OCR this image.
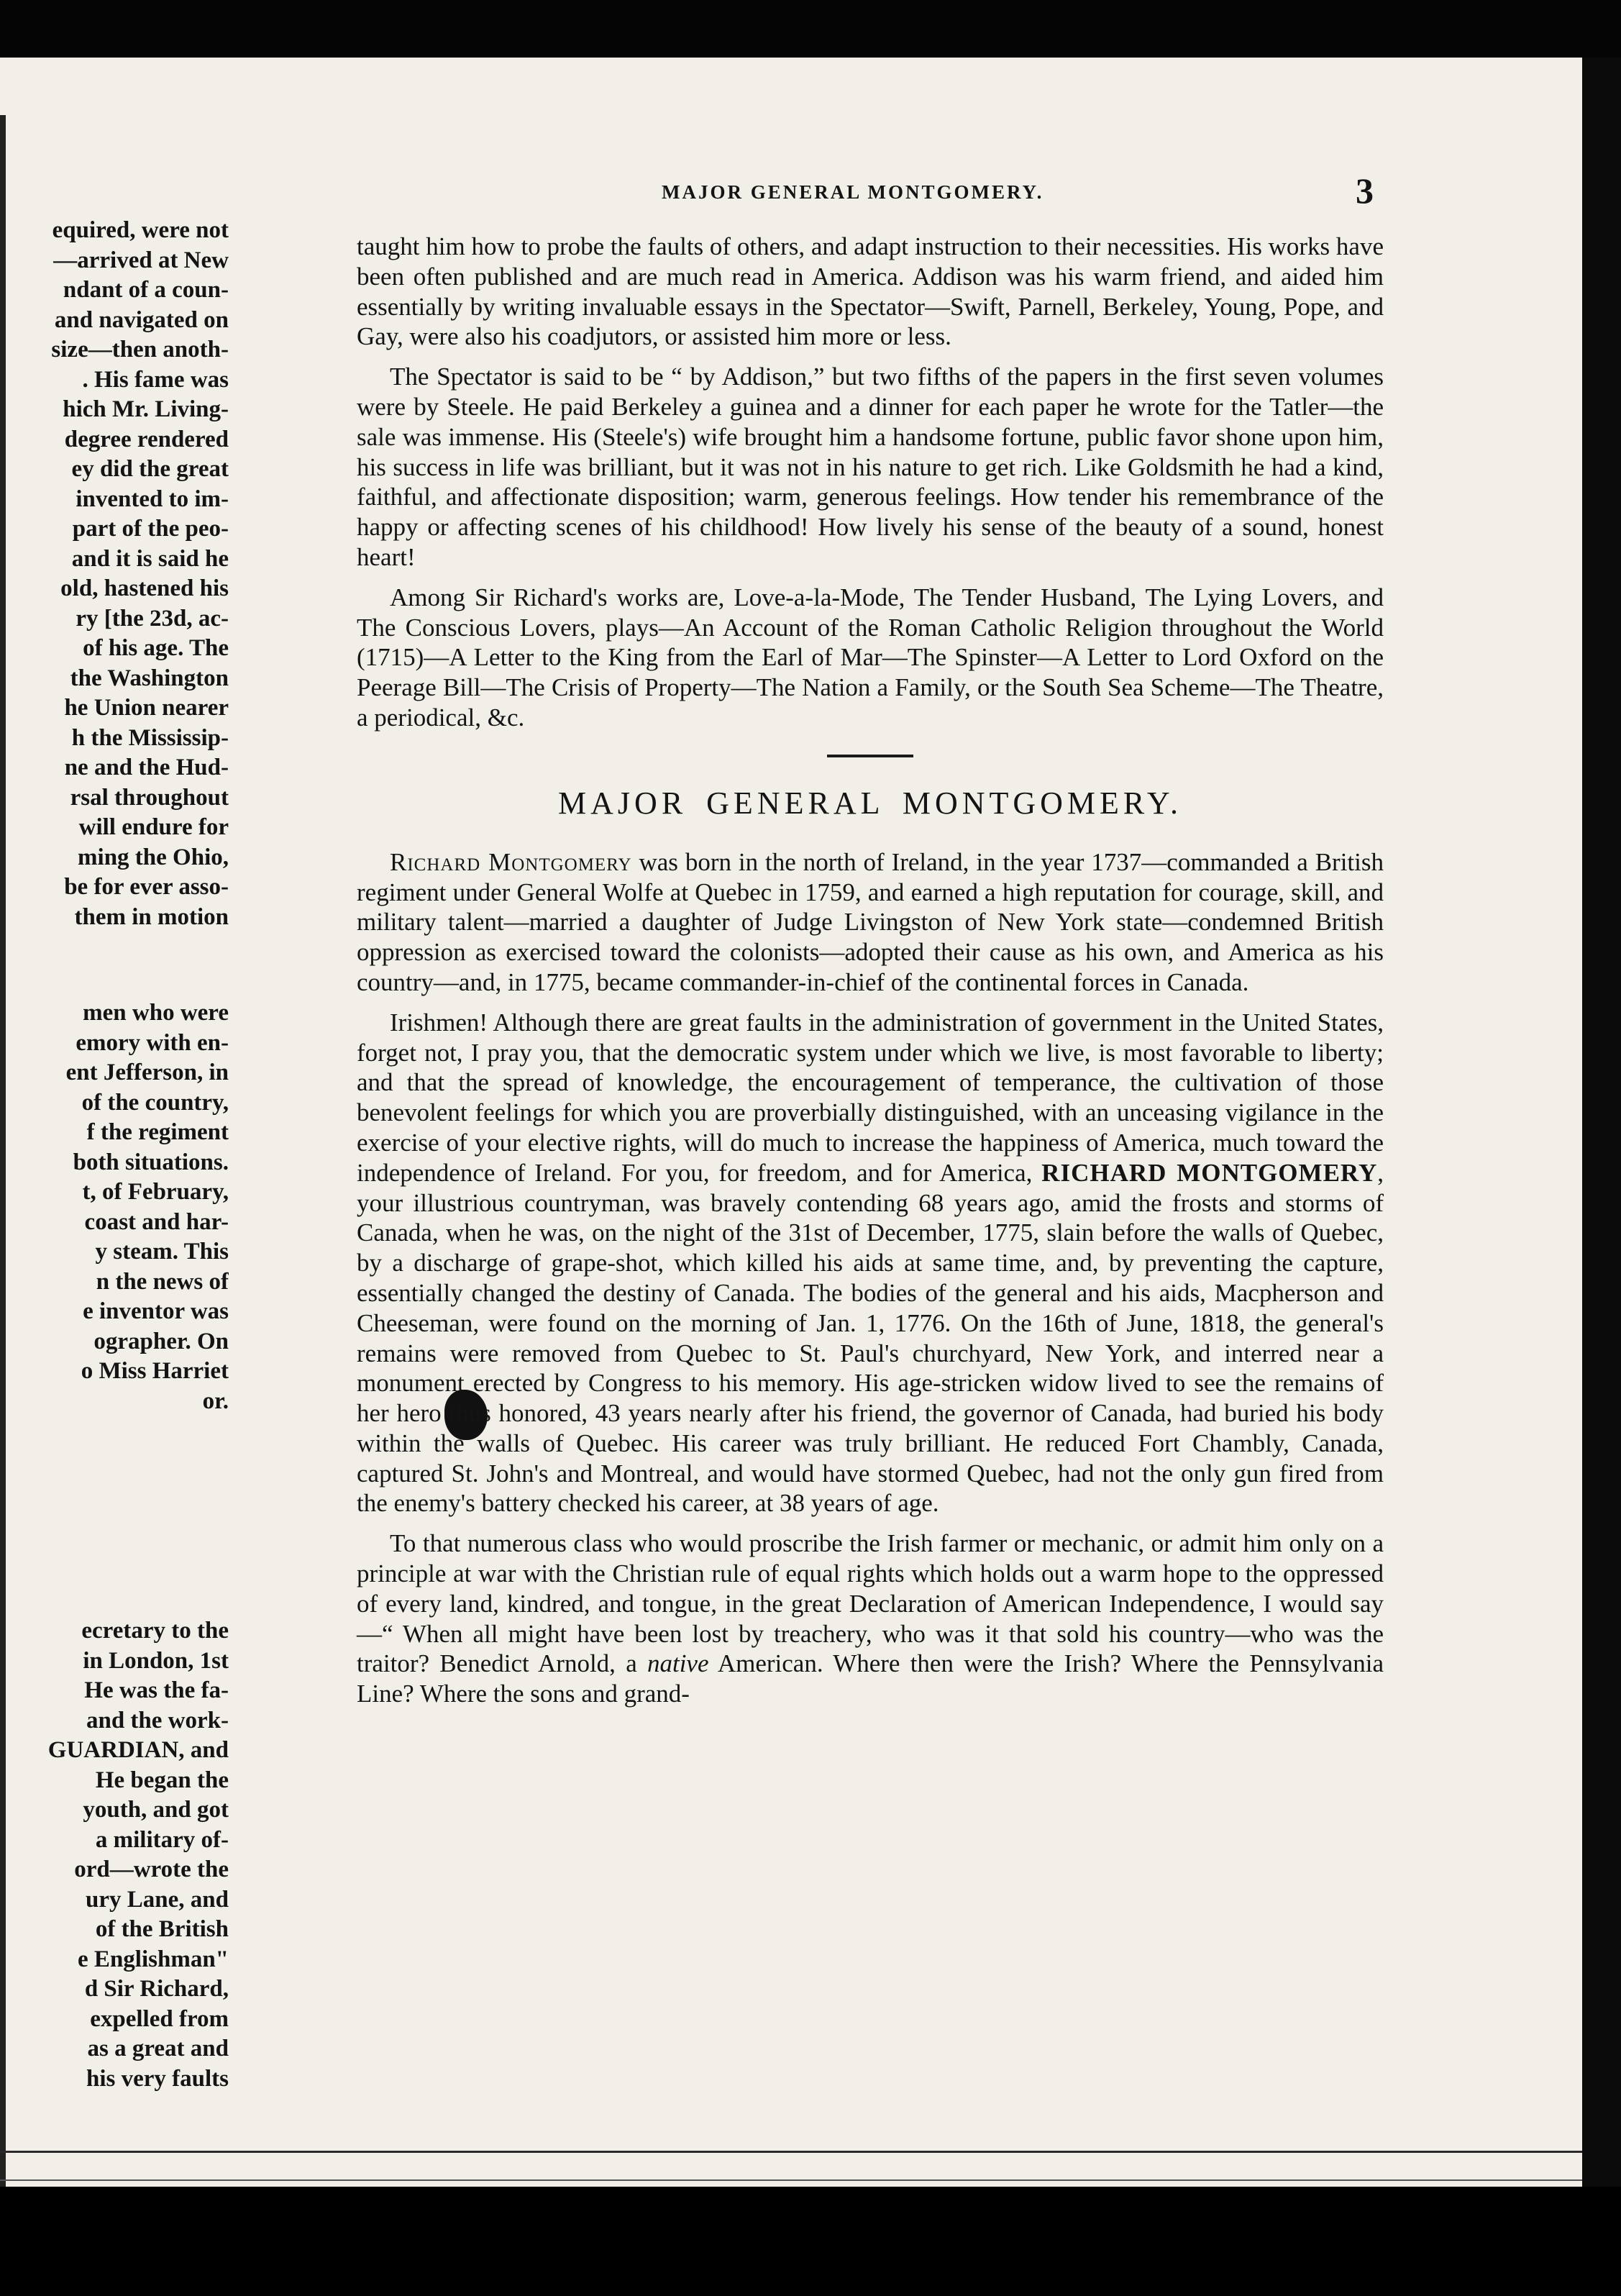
equired, were not
—arrived at New
ndant of a coun-
and navigated on
size—then anoth-
. His fame was
hich Mr. Living-
degree rendered
ey did the great
invented to im-
part of the peo-
and it is said he
old, hastened his
ry [the 23d, ac-
of his age. The
the Washington
he Union nearer
h the Mississip-
ne and the Hud-
rsal throughout
will endure for
ming the Ohio,
be for ever asso-
them in motion
men who were
emory with en-
ent Jefferson, in
of the country,
f the regiment
both situations.
t, of February,
coast and har-
y steam. This
n the news of
e inventor was
ographer. On
o Miss Harriet
or.
ecretary to the
in London, 1st
He was the fa-
and the work-
GUARDIAN, and
He began the
youth, and got
a military of-
ord—wrote the
ury Lane, and
of the British
e Englishman"
d Sir Richard,
expelled from
as a great and
his very faults
MAJOR GENERAL MONTGOMERY.	3

taught him how to probe the faults of others, and adapt instruction to their necessities. His works have been often published and are much read in America. Addison was his warm friend, and aided him essentially by writing invaluable essays in the Spectator—Swift, Parnell, Berkeley, Young, Pope, and Gay, were also his coadjutors, or assisted him more or less.

The Spectator is said to be “ by Addison,” but two fifths of the papers in the first seven volumes were by Steele. He paid Berkeley a guinea and a dinner for each paper he wrote for the Tatler—the sale was immense. His (Steele's) wife brought him a handsome fortune, public favor shone upon him, his success in life was brilliant, but it was not in his nature to get rich. Like Goldsmith he had a kind, faithful, and affectionate disposition; warm, generous feelings. How tender his remembrance of the happy or affecting scenes of his childhood! How lively his sense of the beauty of a sound, honest heart!

Among Sir Richard's works are, Love-a-la-Mode, The Tender Husband, The Lying Lovers, and The Conscious Lovers, plays—An Account of the Roman Catholic Religion throughout the World (1715)—A Letter to the King from the Earl of Mar—The Spinster—A Letter to Lord Oxford on the Peerage Bill—The Crisis of Property—The Nation a Family, or the South Sea Scheme—The Theatre, a periodical, &c.

MAJOR GENERAL MONTGOMERY.

Richard Montgomery was born in the north of Ireland, in the year 1737—commanded a British regiment under General Wolfe at Quebec in 1759, and earned a high reputation for courage, skill, and military talent—married a daughter of Judge Livingston of New York state—condemned British oppression as exercised toward the colonists—adopted their cause as his own, and America as his country—and, in 1775, became commander-in-chief of the continental forces in Canada.

Irishmen! Although there are great faults in the administration of government in the United States, forget not, I pray you, that the democratic system under which we live, is most favorable to liberty; and that the spread of knowledge, the encouragement of temperance, the cultivation of those benevolent feelings for which you are proverbially distinguished, with an unceasing vigilance in the exercise of your elective rights, will do much to increase the happiness of America, much toward the independence of Ireland. For you, for freedom, and for America, RICHARD MONTGOMERY, your illustrious countryman, was bravely contending 68 years ago, amid the frosts and storms of Canada, when he was, on the night of the 31st of December, 1775, slain before the walls of Quebec, by a discharge of grape-shot, which killed his aids at same time, and, by preventing the capture, essentially changed the destiny of Canada. The bodies of the general and his aids, Macpherson and Cheeseman, were found on the morning of Jan. 1, 1776. On the 16th of June, 1818, the general's remains were removed from Quebec to St. Paul's churchyard, New York, and interred near a monument erected by Congress to his memory. His age-stricken widow lived to see the remains of her hero thus honored, 43 years nearly after his friend, the governor of Canada, had buried his body within the walls of Quebec. His career was truly brilliant. He reduced Fort Chambly, Canada, captured St. John's and Montreal, and would have stormed Quebec, had not the only gun fired from the enemy's battery checked his career, at 38 years of age.

To that numerous class who would proscribe the Irish farmer or mechanic, or admit him only on a principle at war with the Christian rule of equal rights which holds out a warm hope to the oppressed of every land, kindred, and tongue, in the great Declaration of American Independence, I would say—“ When all might have been lost by treachery, who was it that sold his country—who was the traitor? Benedict Arnold, a native American. Where then were the Irish? Where the Pennsylvania Line? Where the sons and grand-
